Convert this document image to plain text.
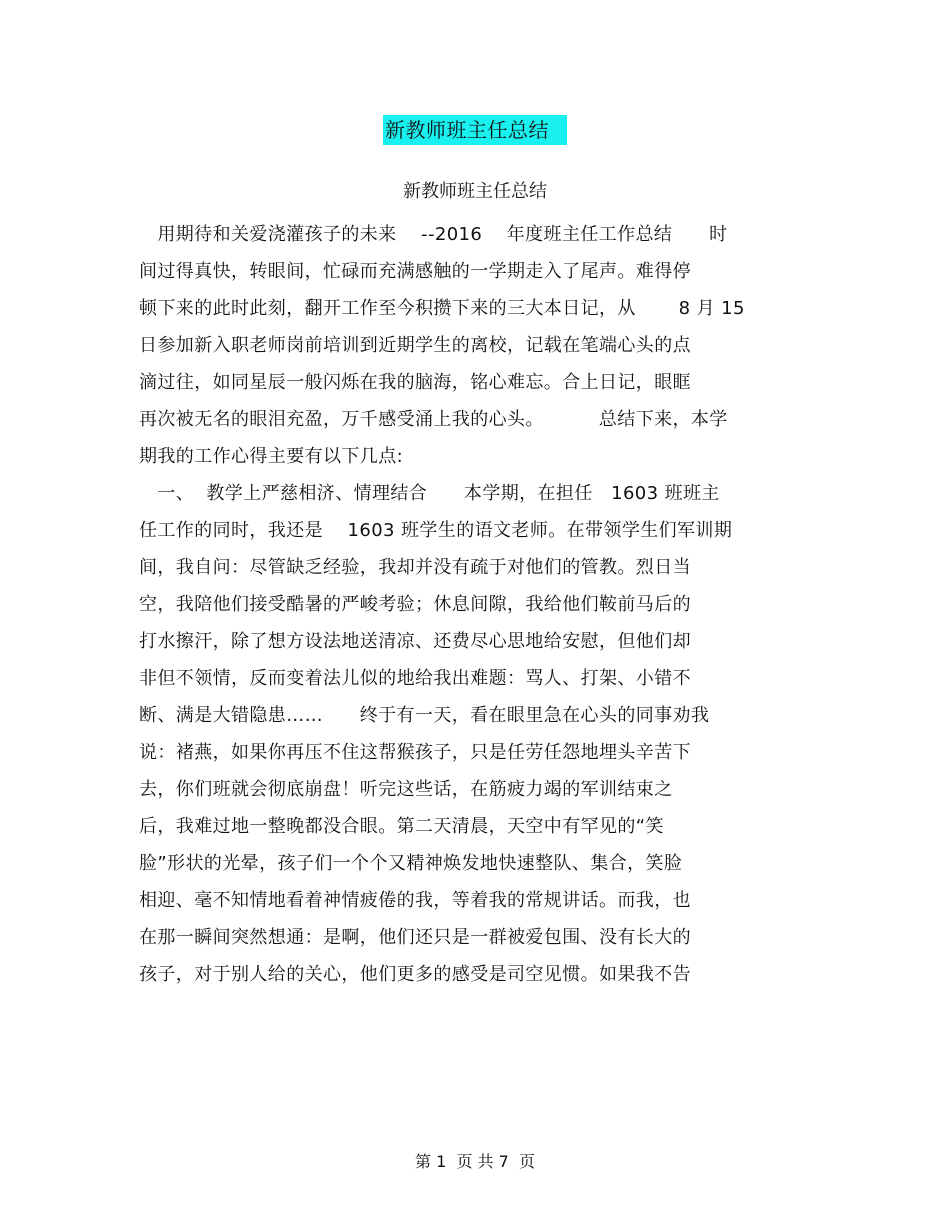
新教师班主任总结
新教师班主任总结
用期待和关爱浇灌孩子的未来    --2016    年度班主任工作总结      时
间过得真快，转眼间，忙碌而充满感触的一学期走入了尾声。难得停
顿下来的此时此刻，翻开工作至今积攒下来的三大本日记，从       8 月 15
日参加新入职老师岗前培训到近期学生的离校，记载在笔端心头的点
滴过往，如同星辰一般闪烁在我的脑海，铭心难忘。合上日记，眼眶
再次被无名的眼泪充盈，万千感受涌上我的心头。         总结下来，本学
期我的工作心得主要有以下几点:
一、  教学上严慈相济、情理结合      本学期，在担任   1603 班班主
任工作的同时，我还是    1603 班学生的语文老师。在带领学生们军训期
间，我自问：尽管缺乏经验，我却并没有疏于对他们的管教。烈日当
空，我陪他们接受酷暑的严峻考验；休息间隙，我给他们鞍前马后的
打水擦汗，除了想方设法地送清凉、还费尽心思地给安慰，但他们却
非但不领情，反而变着法儿似的地给我出难题：骂人、打架、小错不
断、满是大错隐患……      终于有一天，看在眼里急在心头的同事劝我
说：褚燕，如果你再压不住这帮猴孩子，只是任劳任怨地埋头辛苦下
去，你们班就会彻底崩盘！听完这些话，在筋疲力竭的军训结束之
后，我难过地一整晚都没合眼。第二天清晨，天空中有罕见的“笑
脸”形状的光晕，孩子们一个个又精神焕发地快速整队、集合，笑脸
相迎、毫不知情地看着神情疲倦的我，等着我的常规讲话。而我，也
在那一瞬间突然想通：是啊，他们还只是一群被爱包围、没有长大的
孩子，对于别人给的关心，他们更多的感受是司空见惯。如果我不告
第 1  页 共 7  页
